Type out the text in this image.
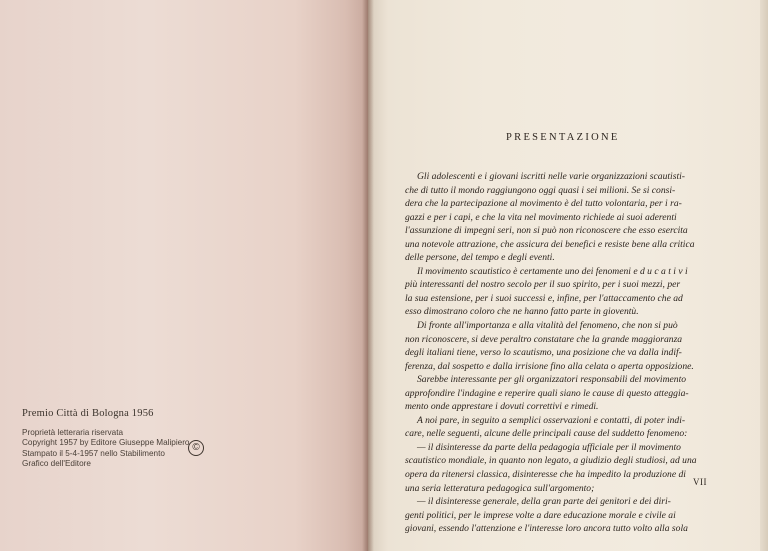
Premio Città di Bologna 1956
Proprietà letteraria riservata
Copyright 1957 by Editore Giuseppe Malipiero
Stampato il 5-4-1957 nello Stabilimento
Grafico dell'Editore
©
PRESENTAZIONE
Gli adolescenti e i giovani iscritti nelle varie organizzazioni scautisti-
che di tutto il mondo raggiungono oggi quasi i sei milioni. Se si consi-
dera che la partecipazione al movimento è del tutto volontaria, per i ra-
gazzi e per i capi, e che la vita nel movimento richiede ai suoi aderenti
l'assunzione di impegni seri, non si può non riconoscere che esso esercita
una notevole attrazione, che assicura dei benefici e resiste bene alla critica
delle persone, del tempo e degli eventi.
Il movimento scautistico è certamente uno dei fenomeni e d u c a t i v i
più interessanti del nostro secolo per il suo spirito, per i suoi mezzi, per
la sua estensione, per i suoi successi e, infine, per l'attaccamento che ad
esso dimostrano coloro che ne hanno fatto parte in gioventù.
Di fronte all'importanza e alla vitalità del fenomeno, che non si può
non riconoscere, si deve peraltro constatare che la grande maggioranza
degli italiani tiene, verso lo scautismo, una posizione che va dalla indif-
ferenza, dal sospetto e dalla irrisione fino alla celata o aperta opposizione.
Sarebbe interessante per gli organizzatori responsabili del movimento
approfondire l'indagine e reperire quali siano le cause di questo atteggia-
mento onde apprestare i dovuti correttivi e rimedi.
A noi pare, in seguito a semplici osservazioni e contatti, di poter indi-
care, nelle seguenti, alcune delle principali cause del suddetto fenomeno:
— il disinteresse da parte della pedagogia ufficiale per il movimento
scautistico mondiale, in quanto non legato, a giudizio degli studiosi, ad una
opera da ritenersi classica, disinteresse che ha impedito la produzione di
una seria letteratura pedagogica sull'argomento;
— il disinteresse generale, della gran parte dei genitori e dei diri-
genti politici, per le imprese volte a dare educazione morale e civile ai
giovani, essendo l'attenzione e l'interesse loro ancora tutto volto alla sola
VII
